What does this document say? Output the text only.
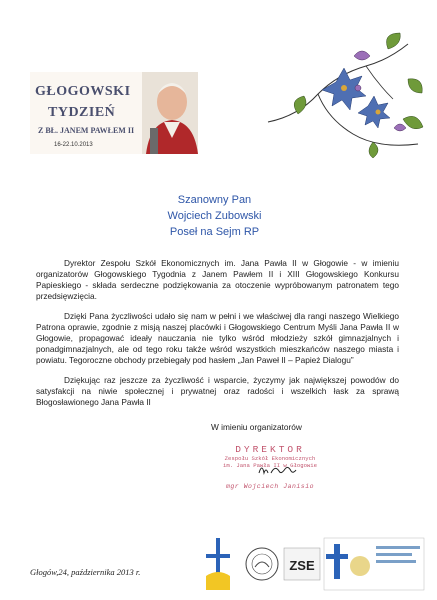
GŁOGOWSKI
TYDZIEŃ
Z BŁ. JANEM PAWŁEM II
16-22.10.2013
Szanowny Pan
Wojciech Zubowski
Poseł na Sejm RP

Dyrektor Zespołu Szkół Ekonomicznych im. Jana Pawła II w Głogowie - w imieniu organizatorów Głogowskiego Tygodnia z Janem Pawłem II i XIII Głogowskiego Konkursu Papieskiego - składa serdeczne podziękowania za otoczenie wypróbowanym patronatem tego przedsięwzięcia.

Dzięki Pana życzliwości udało się nam w pełni i we właściwej dla rangi naszego Wielkiego Patrona oprawie, zgodnie z misją naszej placówki i Głogowskiego Centrum Myśli Jana Pawła II w Głogowie, propagować ideały nauczania nie tylko wśród młodzieży szkół gimnazjalnych i ponadgimnazjalnych, ale od tego roku także wśród wszystkich mieszkańców naszego miasta i powiatu. Tegoroczne obchody przebiegały pod hasłem „Jan Paweł II – Papież Dialogu”

Dziękując raz jeszcze za życzliwość i wsparcie, życzymy jak największej powodów do satysfakcji na niwie społecznej i prywatnej oraz radości i wszelkich łask za sprawą Błogosławionego Jana Pawła II

W imieniu organizatorów
DYREKTOR
Zespołu Szkół Ekonomicznych
im. Jana Pawła II w Głogowie
mgr Wojciech Janisio
Głogów,24, października 2013 r.	ZSE
